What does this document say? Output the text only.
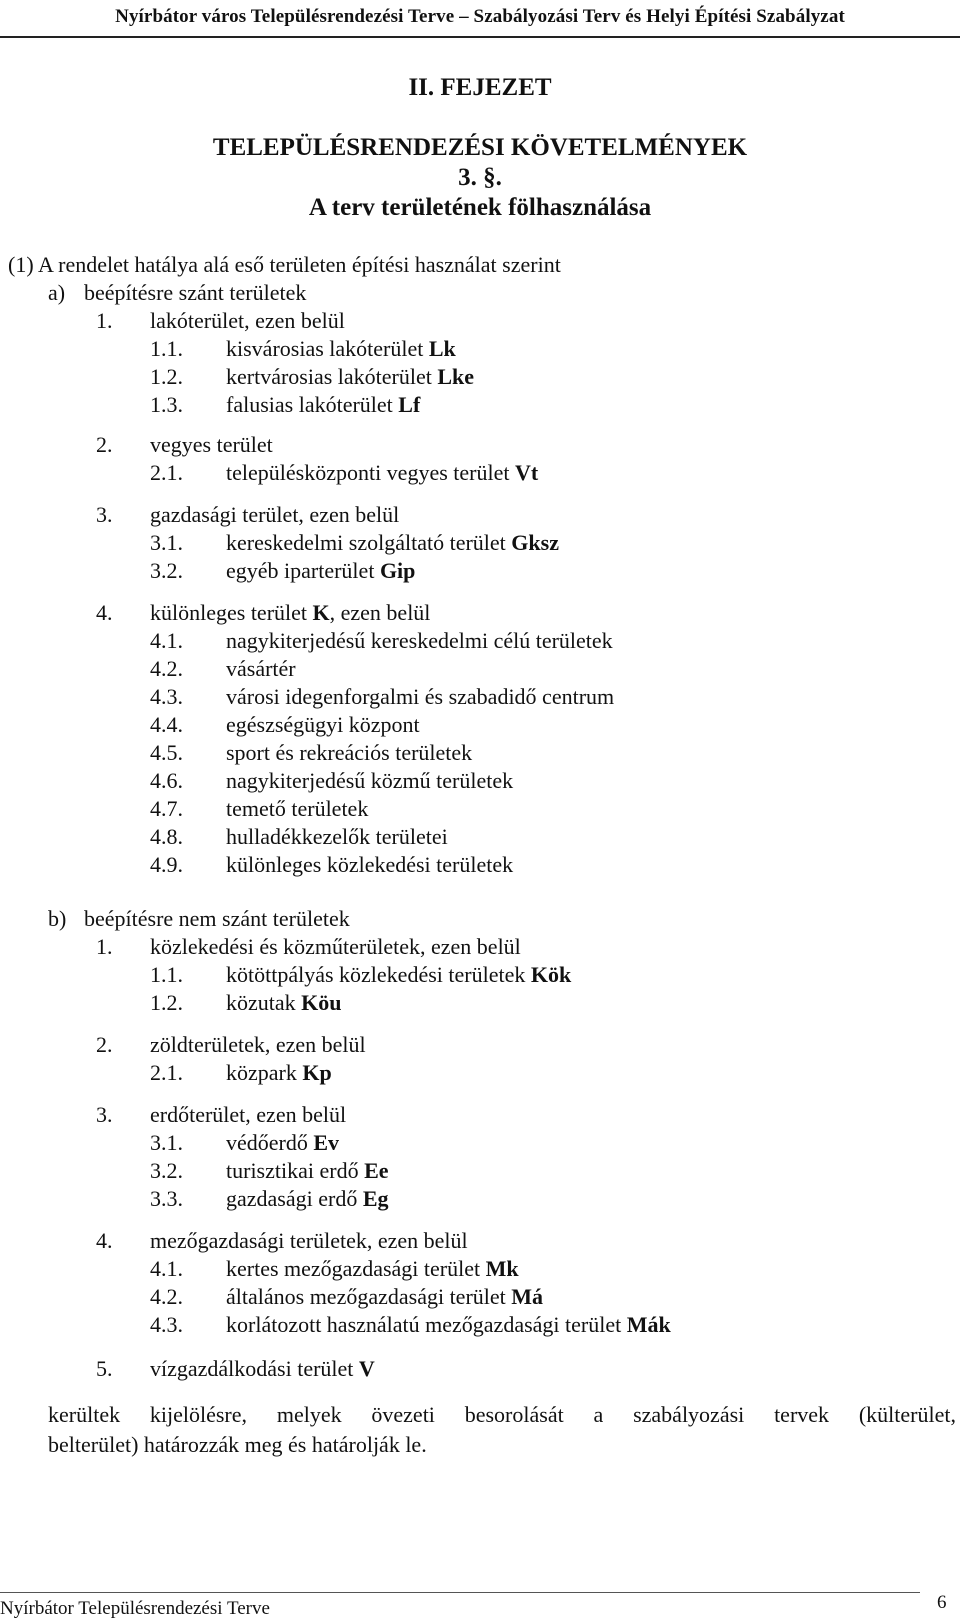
Nyírbátor város Településrendezési Terve – Szabályozási Terv és Helyi Építési Szabályzat
II. FEJEZET
TELEPÜLÉSRENDEZÉSI KÖVETELMÉNYEK
3. §.
A terv területének fölhasználása
(1) A rendelet hatálya alá eső területen építési használat szerint
a) beépítésre szánt területek
1. lakóterület, ezen belül
1.1. kisvárosias lakóterület Lk
1.2. kertvárosias lakóterület Lke
1.3. falusias lakóterület Lf
2. vegyes terület
2.1. településközponti vegyes terület Vt
3. gazdasági terület, ezen belül
3.1. kereskedelmi szolgáltató terület Gksz
3.2. egyéb iparterület Gip
4. különleges terület K, ezen belül
4.1. nagykiterjedésű kereskedelmi célú területek
4.2. vásártér
4.3. városi idegenforgalmi és szabadidő centrum
4.4. egészségügyi központ
4.5. sport és rekreációs területek
4.6. nagykiterjedésű közmű területek
4.7. temető területek
4.8. hulladékkezelők területei
4.9. különleges közlekedési területek
b) beépítésre nem szánt területek
1. közlekedési és közműterületek, ezen belül
1.1. kötöttpályás közlekedési területek Kök
1.2. közutak Köu
2. zöldterületek, ezen belül
2.1. közpark Kp
3. erdőterület, ezen belül
3.1. védőerdő Ev
3.2. turisztikai erdő Ee
3.3. gazdasági erdő Eg
4. mezőgazdasági területek, ezen belül
4.1. kertes mezőgazdasági terület Mk
4.2. általános mezőgazdasági terület Má
4.3. korlátozott használatú mezőgazdasági terület Mák
5. vízgazdálkodási terület V
kerültek kijelölésre, melyek övezeti besorolását a szabályozási tervek (külterület,
belterület) határozzák meg és határolják le.
Nyírbátor Településrendezési Terve	6
